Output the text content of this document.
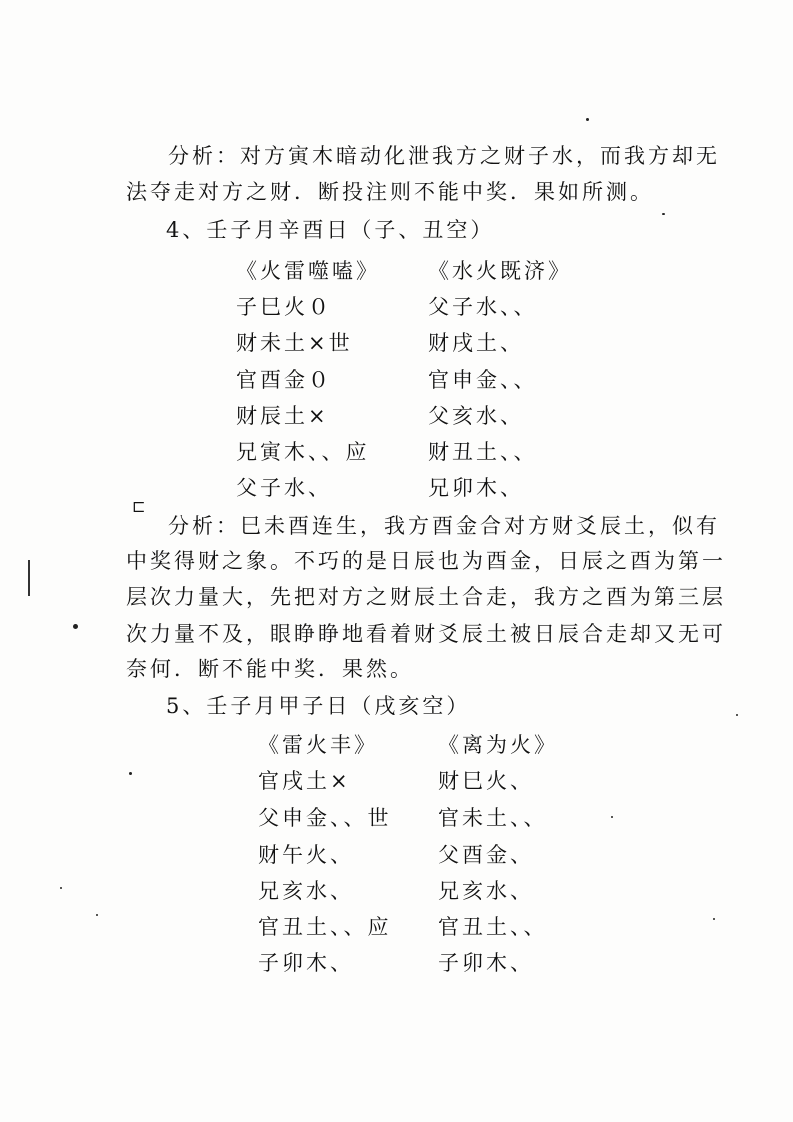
分析：对方寅木暗动化泄我方之财子水，而我方却无
法夺走对方之财．断投注则不能中奖．果如所测。
4、壬子月辛酉日（子、丑空）
《火雷噬嗑》 《水火既济》
子巳火０	父子水、、
财未土×世	财戌土、
官酉金０	官申金、、
财辰土×	父亥水、
兄寅木、、应	财丑土、、
父子水、	兄卯木、
⊏
分析：巳未酉连生，我方酉金合对方财爻辰土，似有
中奖得财之象。不巧的是日辰也为酉金，日辰之酉为第一
层次力量大，先把对方之财辰土合走，我方之酉为第三层
次力量不及，眼睁睁地看着财爻辰土被日辰合走却又无可
奈何．断不能中奖．果然。
5、壬子月甲子日（戌亥空）
《雷火丰》	《离为火》
官戌土×	财巳火、
父申金、、世 官未土、、
财午火、	父酉金、
兄亥水、	兄亥水、
官丑土、、应 官丑土、、
子卯木、	子卯木、
